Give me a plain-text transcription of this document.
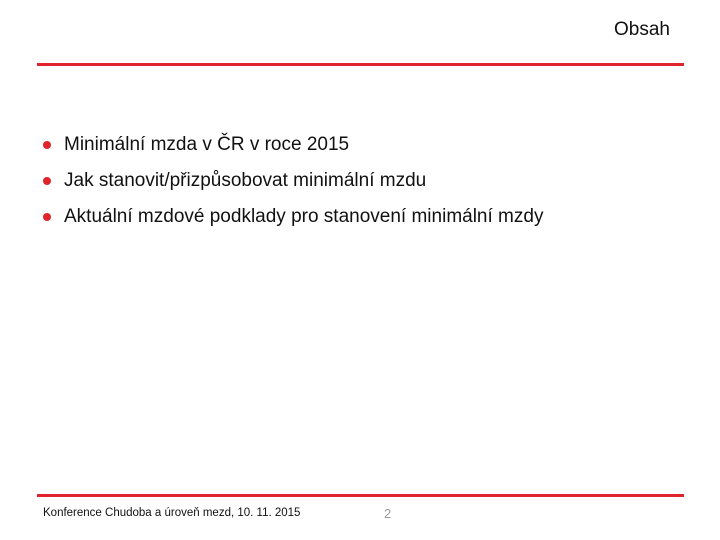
Obsah
Minimální mzda v ČR v roce 2015
Jak stanovit/přizpůsobovat minimální mzdu
Aktuální mzdové podklady pro stanovení minimální mzdy
Konference Chudoba a úroveň mezd, 10. 11. 2015	2
